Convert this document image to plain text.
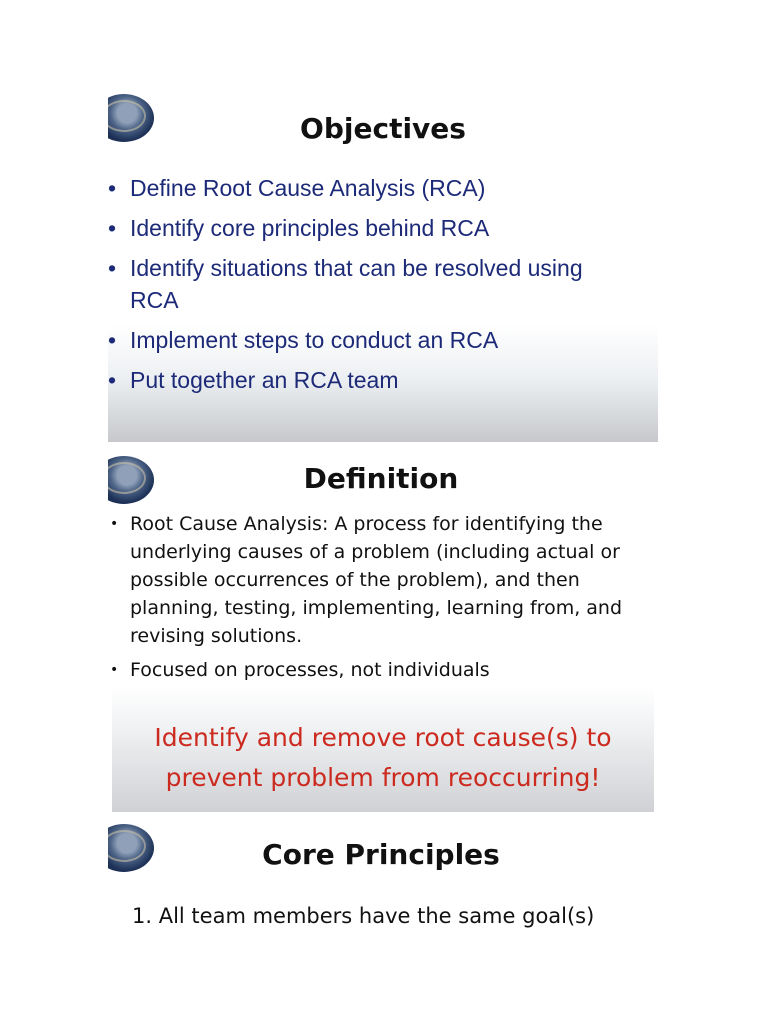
Objectives
• Define Root Cause Analysis (RCA)
• Identify core principles behind RCA
• Identify situations that can be resolved using RCA
• Implement steps to conduct an RCA
• Put together an RCA team
Definition
• Root Cause Analysis: A process for identifying the underlying causes of a problem (including actual or possible occurrences of the problem), and then planning, testing, implementing, learning from, and revising solutions.
• Focused on processes, not individuals
Identify and remove root cause(s) to
prevent problem from reoccurring!
Core Principles
1. All team members have the same goal(s)
